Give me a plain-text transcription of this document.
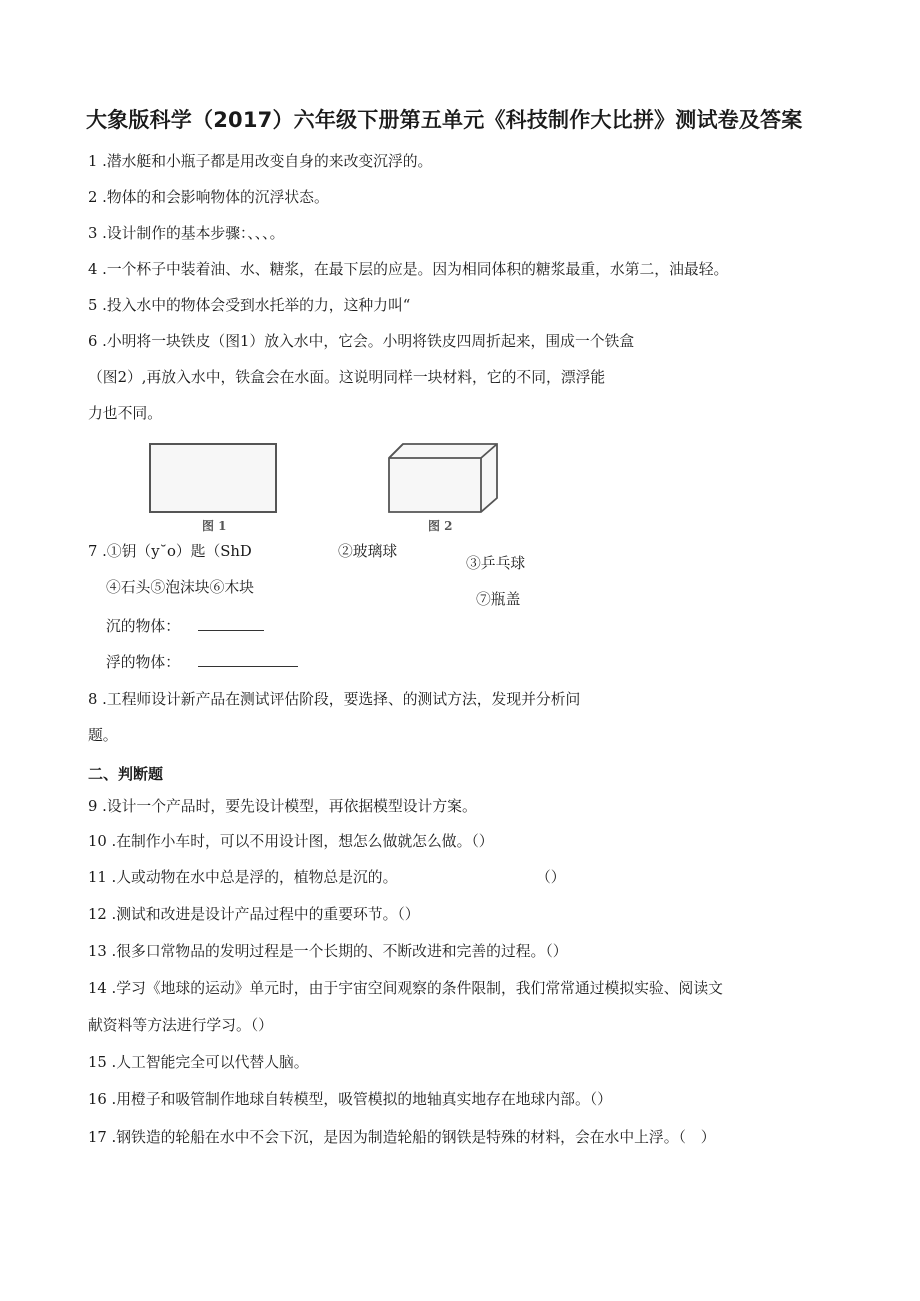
大象版科学（2017）六年级下册第五单元《科技制作大比拼》测试卷及答案
1 .潜水艇和小瓶子都是用改变自身的来改变沉浮的。
2 .物体的和会影响物体的沉浮状态。
3 .设计制作的基本步骤：、、、。
4 .一个杯子中装着油、水、糖浆，在最下层的应是。因为相同体积的糖浆最重，水第二，油最轻。
5 .投入水中的物体会受到水托举的力，这种力叫“
6 .小明将一块铁皮（图1）放入水中，它会。小明将铁皮四周折起来，围成一个铁盒
（图2）,再放入水中，铁盒会在水面。这说明同样一块材料，它的不同，漂浮能
力也不同。
图 1	图 2
7 .①钥（y˘o）匙（ShD	②玻璃球
③乒乓球
④石头⑤泡沫块⑥木块
⑦瓶盖
沉的物体：
浮的物体：
8 .工程师设计新产品在测试评估阶段，要选择、的测试方法，发现并分析问
题。
二、判断题
9 .设计一个产品时，要先设计模型，再依据模型设计方案。
10 .在制作小车时，可以不用设计图，想怎么做就怎么做。（）
11 .人或动物在水中总是浮的，植物总是沉的。	（）
12 .测试和改进是设计产品过程中的重要环节。（）
13 .很多口常物品的发明过程是一个长期的、不断改进和完善的过程。（）
14 .学习《地球的运动》单元时，由于宇宙空间观察的条件限制，我们常常通过模拟实验、阅读文
献资料等方法进行学习。（）
15 .人工智能完全可以代替人脑。
16 .用橙子和吸管制作地球自转模型，吸管模拟的地轴真实地存在地球内部。（）
17 .钢铁造的轮船在水中不会下沉，是因为制造轮船的钢铁是特殊的材料，会在水中上浮。（　）
